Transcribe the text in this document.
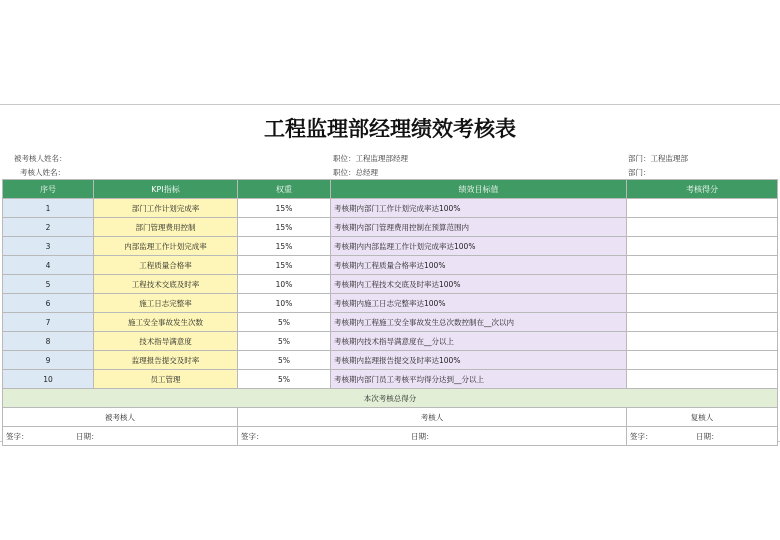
工程监理部经理绩效考核表
被考核人姓名：	职位：工程监理部经理	部门：工程监理部
考核人姓名：	职位：总经理	部门：
序号	KPI指标	权重	绩效目标值	考核得分
1	部门工作计划完成率	15%	考核期内部门工作计划完成率达100%	
2	部门管理费用控制	15%	考核期内部门管理费用控制在预算范围内	
3	内部监理工作计划完成率	15%	考核期内内部监理工作计划完成率达100%	
4	工程质量合格率	15%	考核期内工程质量合格率达100%	
5	工程技术交底及时率	10%	考核期内工程技术交底及时率达100%	
6	施工日志完整率	10%	考核期内施工日志完整率达100%	
7	施工安全事故发生次数	5%	考核期内工程施工安全事故发生总次数控制在__次以内	
8	技术指导满意度	5%	考核期内技术指导满意度在__分以上	
9	监理报告提交及时率	5%	考核期内监理报告提交及时率达100%	
10	员工管理	5%	考核期内部门员工考核平均得分达到__分以上	
本次考核总得分				
被考核人		考核人		复核人
签字： 日期：		签字： 日期：		签字： 日期：
